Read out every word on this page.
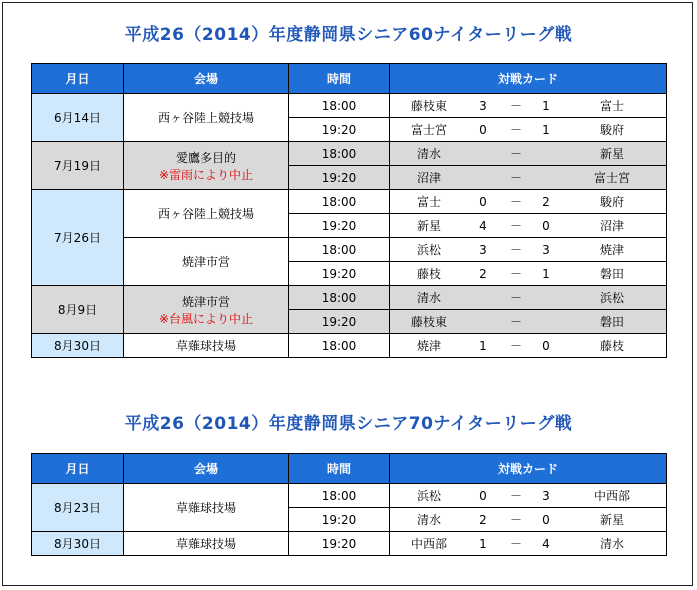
平成26（2014）年度静岡県シニア60ナイターリーグ戦
月日	会場	時間	対戦カード
6月14日	西ヶ谷陸上競技場	18:00	藤枝東 3 － 1 富士

		19:20	富士宮 0 － 1 駿府

7月19日	愛鷹多目的
※雷雨により中止	18:00	清水 － 新星

		19:20	沼津 － 富士宮

7月26日	西ヶ谷陸上競技場	18:00	富士 0 － 2 駿府

		19:20	新星 4 － 0 沼津

	焼津市営	18:00	浜松 3 － 3 焼津

		19:20	藤枝 2 － 1 磐田

8月9日	焼津市営
※台風により中止	18:00	清水 － 浜松

		19:20	藤枝東 － 磐田

8月30日	草薙球技場	18:00	焼津 1 － 0 藤枝
平成26（2014）年度静岡県シニア70ナイターリーグ戦
月日	会場	時間	対戦カード
8月23日	草薙球技場	18:00	浜松 0 － 3 中西部

		19:20	清水 2 － 0 新星

8月30日	草薙球技場	19:20	中西部 1 － 4 清水
